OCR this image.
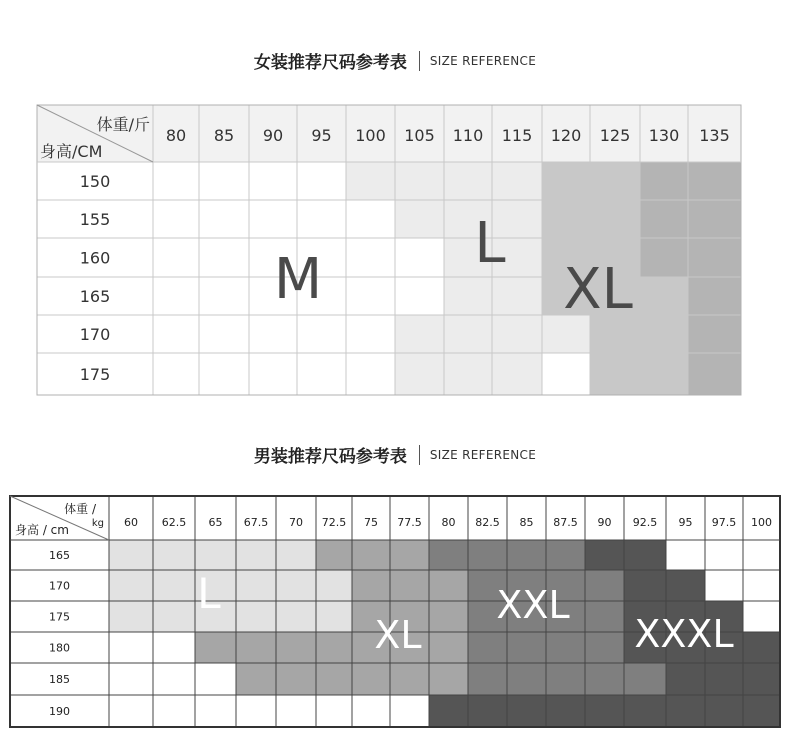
女装推荐尺码参考表 SIZE REFERENCE
150
155
160
165
170
175
80 85 90 95 100 105 110 115 120 125 130 135
体重/斤
身高/CM
M
L
XL
男装推荐尺码参考表 SIZE REFERENCE
165
170
175
180
185
190
60 62.5 65 67.5 70 72.5 75 77.5 80 82.5 85 87.5 90 92.5 95 97.5 100
体重 /
kg
身高 / cm
L
XL
XXL
XXXL
